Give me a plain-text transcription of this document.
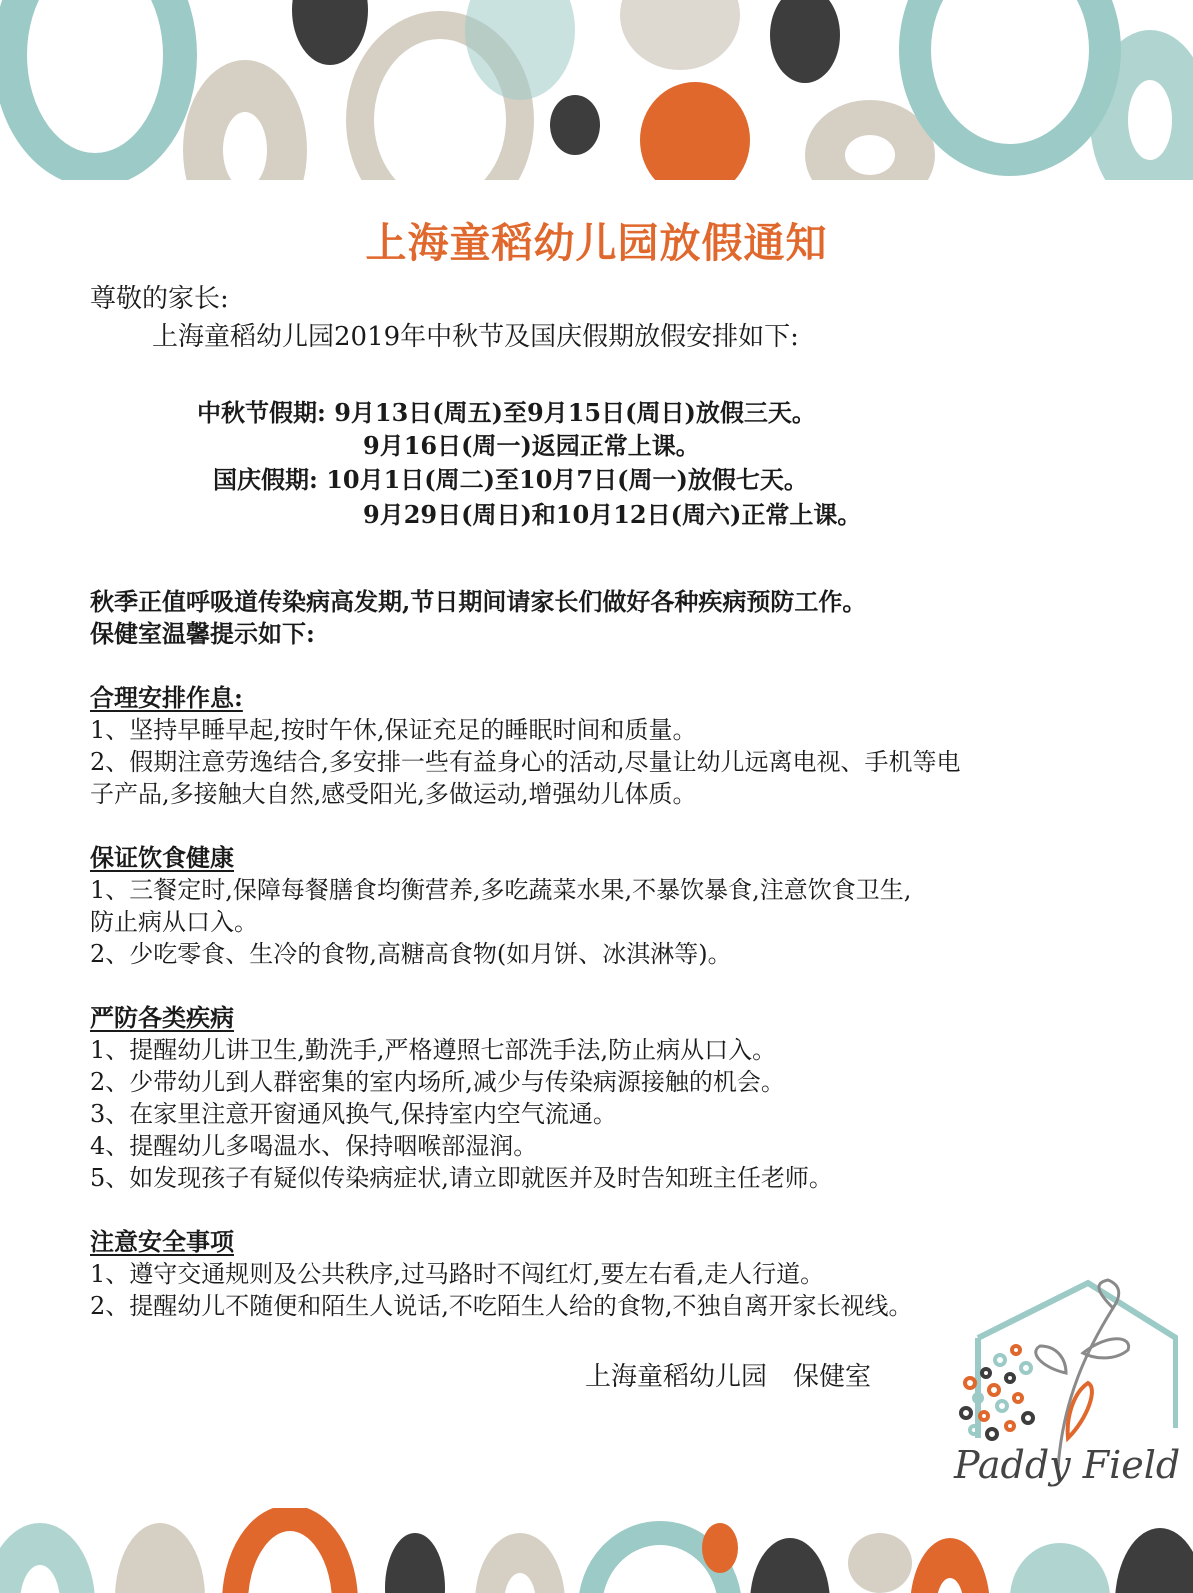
上海童稻幼儿园放假通知
尊敬的家长:
上海童稻幼儿园2019年中秋节及国庆假期放假安排如下:
中秋节假期: 9月13日(周五)至9月15日(周日)放假三天。
9月16日(周一)返园正常上课。
国庆假期: 10月1日(周二)至10月7日(周一)放假七天。
9月29日(周日)和10月12日(周六)正常上课。
秋季正值呼吸道传染病高发期,节日期间请家长们做好各种疾病预防工作。
保健室温馨提示如下:
合理安排作息:
1、坚持早睡早起,按时午休,保证充足的睡眠时间和质量。
2、假期注意劳逸结合,多安排一些有益身心的活动,尽量让幼儿远离电视、手机等电
子产品,多接触大自然,感受阳光,多做运动,增强幼儿体质。
保证饮食健康
1、三餐定时,保障每餐膳食均衡营养,多吃蔬菜水果,不暴饮暴食,注意饮食卫生,
防止病从口入。
2、少吃零食、生冷的食物,高糖高食物(如月饼、冰淇淋等)。
严防各类疾病
1、提醒幼儿讲卫生,勤洗手,严格遵照七部洗手法,防止病从口入。
2、少带幼儿到人群密集的室内场所,减少与传染病源接触的机会。
3、在家里注意开窗通风换气,保持室内空气流通。
4、提醒幼儿多喝温水、保持咽喉部湿润。
5、如发现孩子有疑似传染病症状,请立即就医并及时告知班主任老师。
注意安全事项
1、遵守交通规则及公共秩序,过马路时不闯红灯,要左右看,走人行道。
2、提醒幼儿不随便和陌生人说话,不吃陌生人给的食物,不独自离开家长视线。
上海童稻幼儿园　保健室
Paddy Field
